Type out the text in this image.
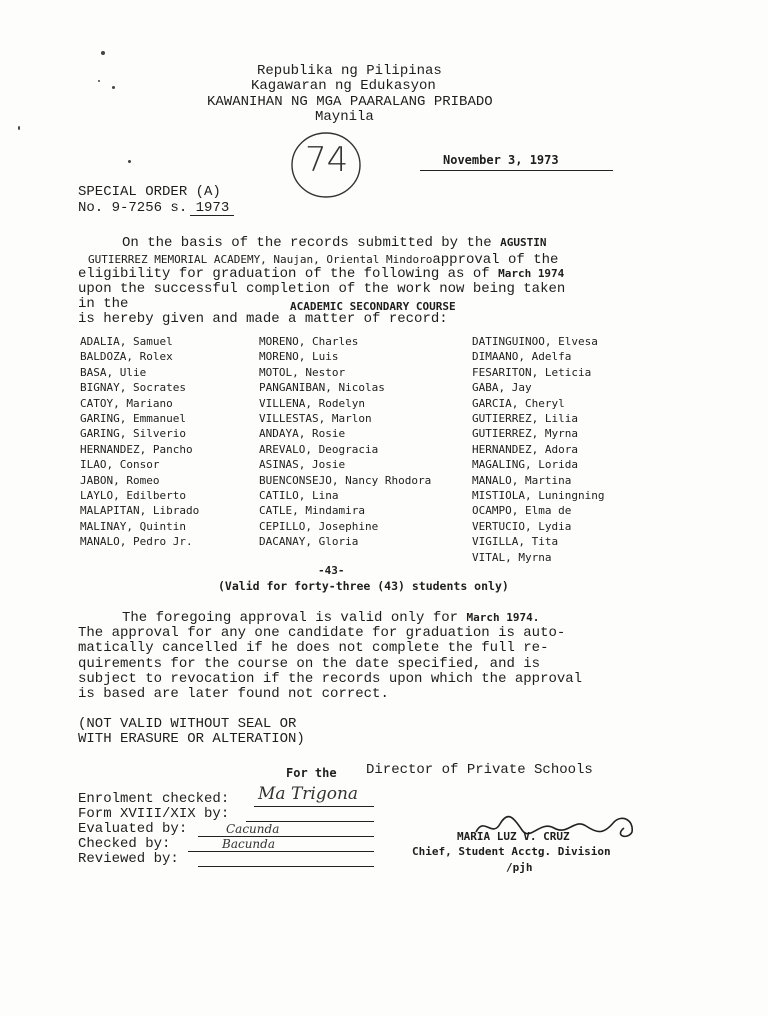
Republika ng Pilipinas
Kagawaran ng Edukasyon
KAWANIHAN NG MGA PAARALANG PRIBADO
Maynila
74	November 3, 1973
SPECIAL ORDER (A)
No. 9-7256 s. 1973
On the basis of the records submitted by the AGUSTIN
GUTIERREZ MEMORIAL ACADEMY, Naujan, Oriental Mindoroapproval of the
eligibility for graduation of the following as of March 1974
upon the successful completion of the work now being taken
in the	ACADEMIC SECONDARY COURSE
is hereby given and made a matter of record:
ADALIA, Samuel
BALDOZA, Rolex
BASA, Ulie
BIGNAY, Socrates
CATOY, Mariano
GARING, Emmanuel
GARING, Silverio
HERNANDEZ, Pancho
ILAO, Consor
JABON, Romeo
LAYLO, Edilberto
MALAPITAN, Librado
MALINAY, Quintin
MANALO, Pedro Jr.
MORENO, Charles
MORENO, Luis
MOTOL, Nestor
PANGANIBAN, Nicolas
VILLENA, Rodelyn
VILLESTAS, Marlon
ANDAYA, Rosie
AREVALO, Deogracia
ASINAS, Josie
BUENCONSEJO, Nancy Rhodora
CATILO, Lina
CATLE, Mindamira
CEPILLO, Josephine
DACANAY, Gloria
DATINGUINOO, Elvesa
DIMAANO, Adelfa
FESARITON, Leticia
GABA, Jay
GARCIA, Cheryl
GUTIERREZ, Lilia
GUTIERREZ, Myrna
HERNANDEZ, Adora
MAGALING, Lorida
MANALO, Martina
MISTIOLA, Luningning
OCAMPO, Elma de
VERTUCIO, Lydia
VIGILLA, Tita
VITAL, Myrna
-43-
(Valid for forty-three (43) students only)
The foregoing approval is valid only for March 1974.
The approval for any one candidate for graduation is auto-
matically cancelled if he does not complete the full re-
quirements for the course on the date specified, and is
subject to revocation if the records upon which the approval
is based are later found not correct.
(NOT VALID WITHOUT SEAL OR
WITH ERASURE OR ALTERATION)
For the Director of Private Schools
Enrolment checked: Ma Trigona
Form XVIII/XIX by:
Evaluated by:	Cacunda
Checked by:	Bacunda
Reviewed by:
MARIA LUZ V. CRUZ
Chief, Student Acctg. Division
/pjh
